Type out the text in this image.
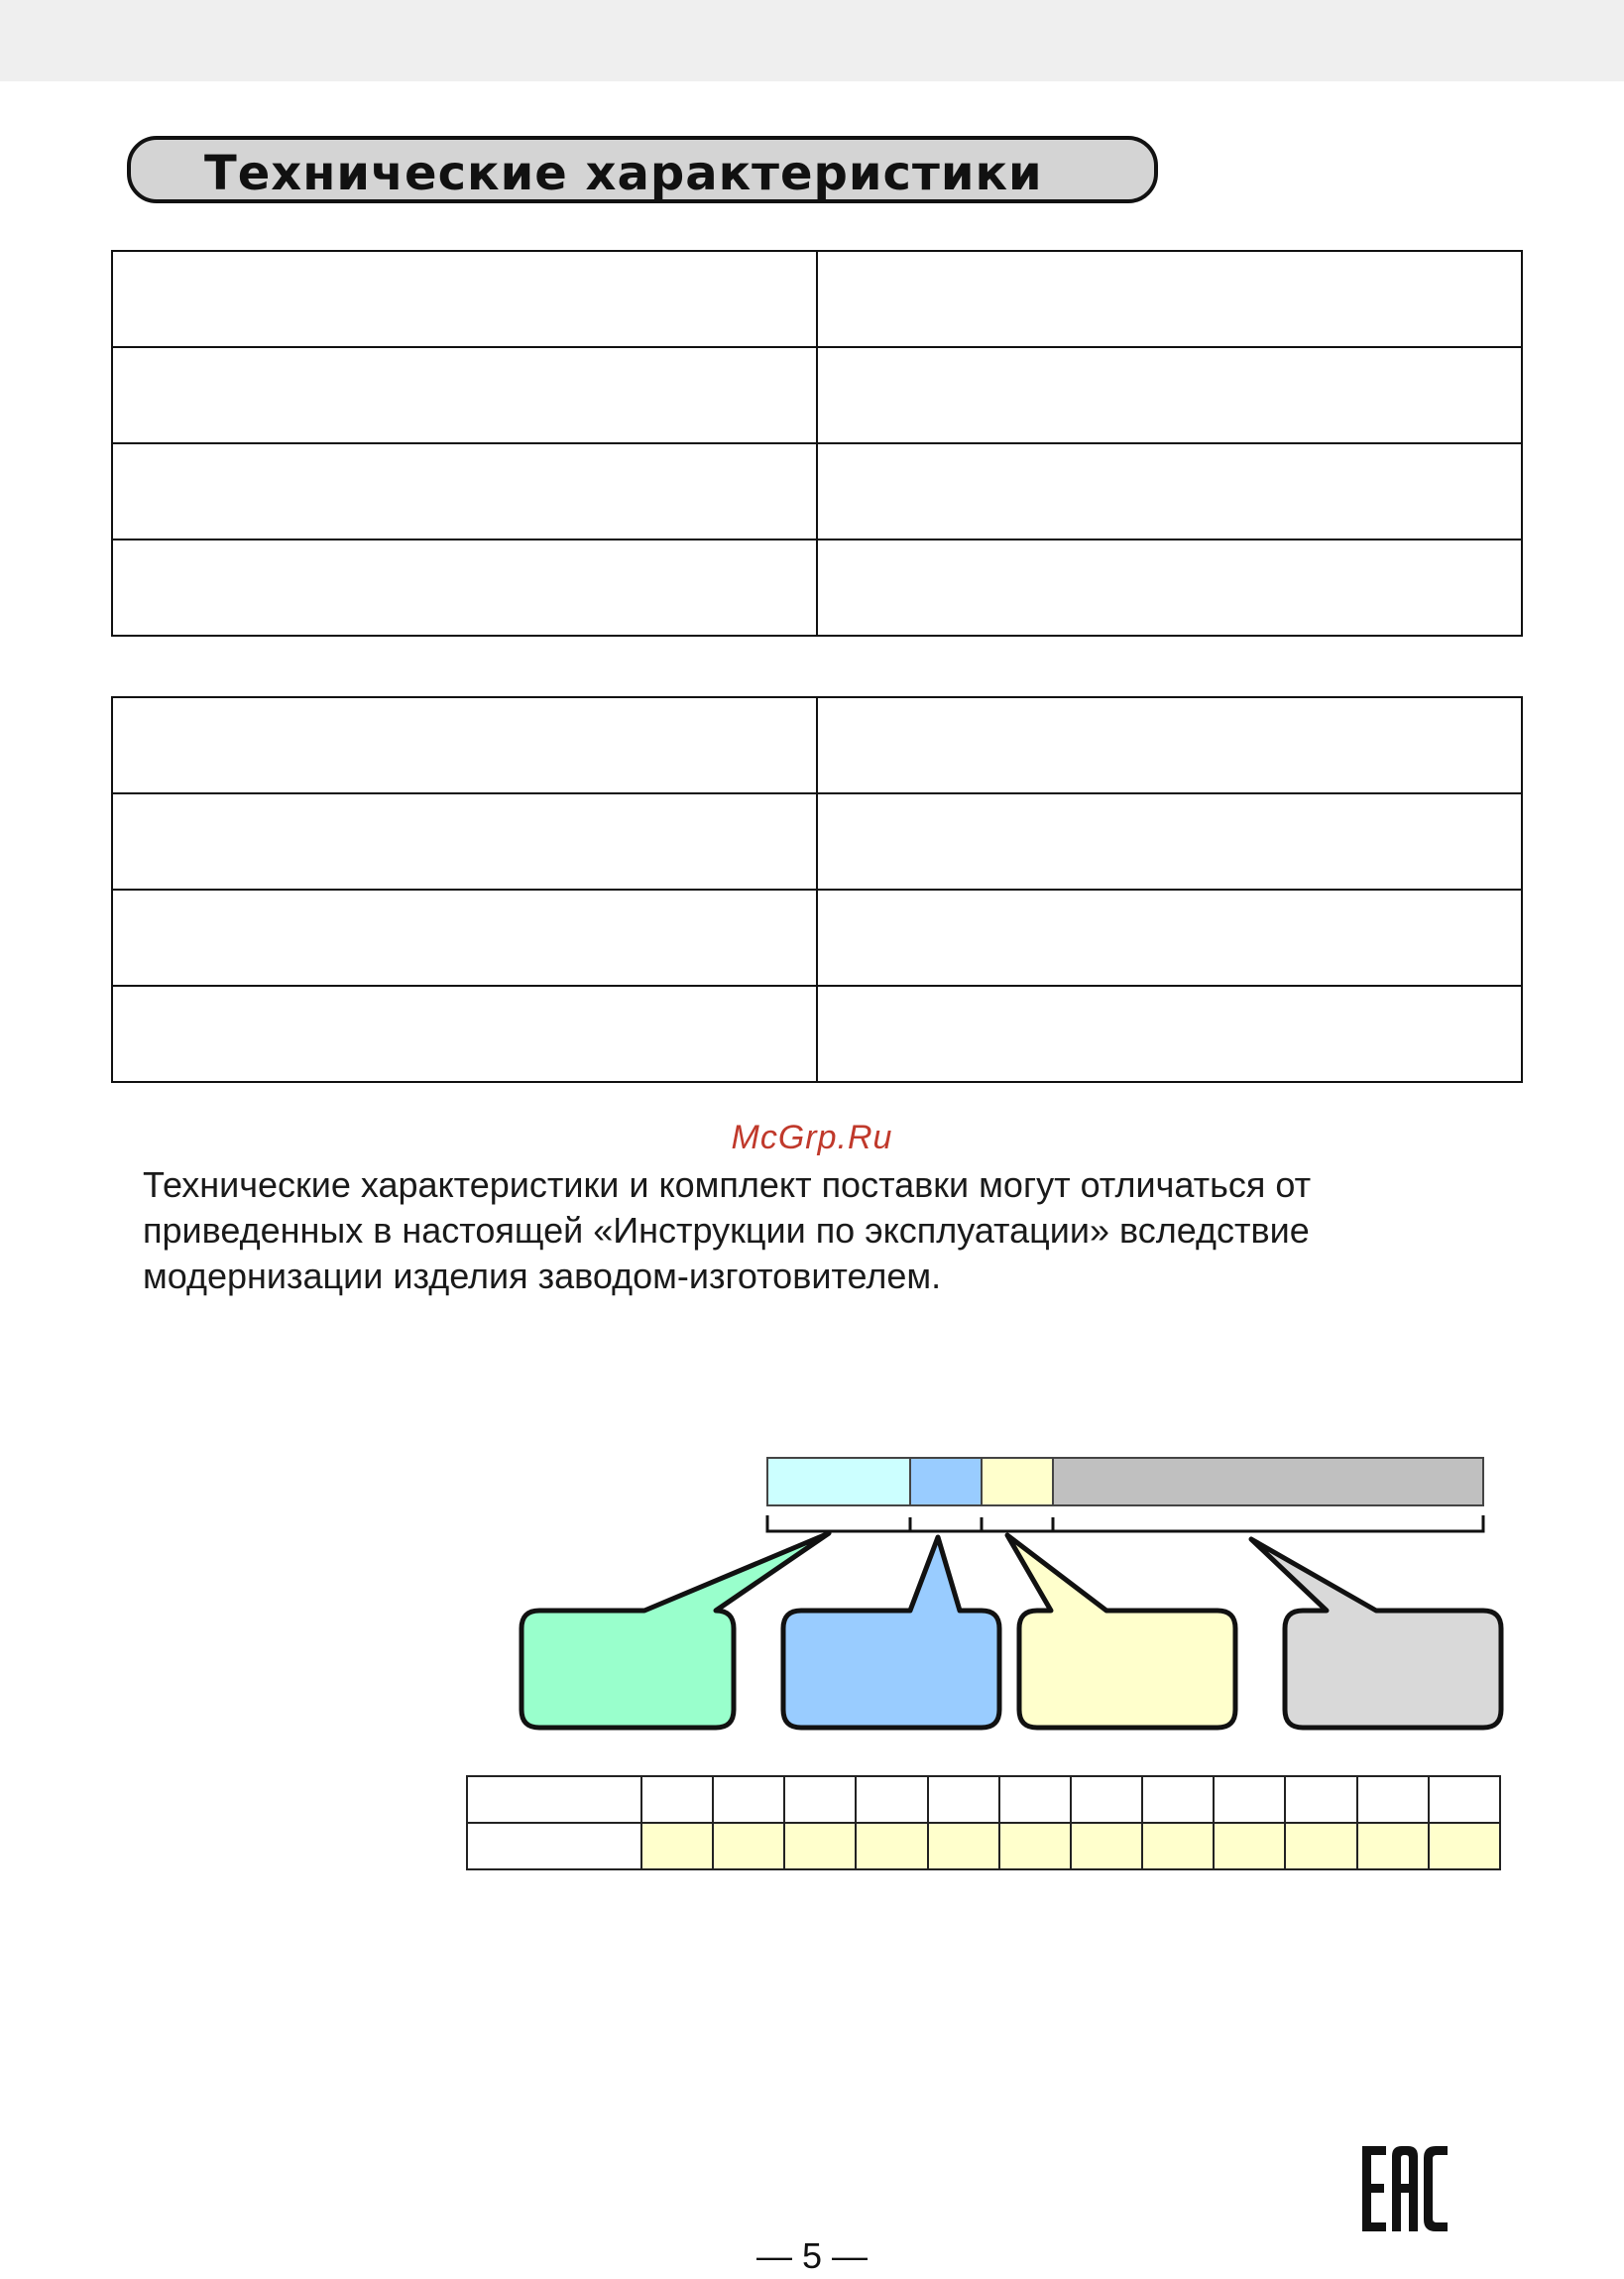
Технические характеристики

McGrp.Ru
Технические характеристики и комплект поставки могут отличаться от
приведенных в настоящей «Инструкции по эксплуатации» вследствие
модернизации изделия заводом-изготовителем.

— 5 —
